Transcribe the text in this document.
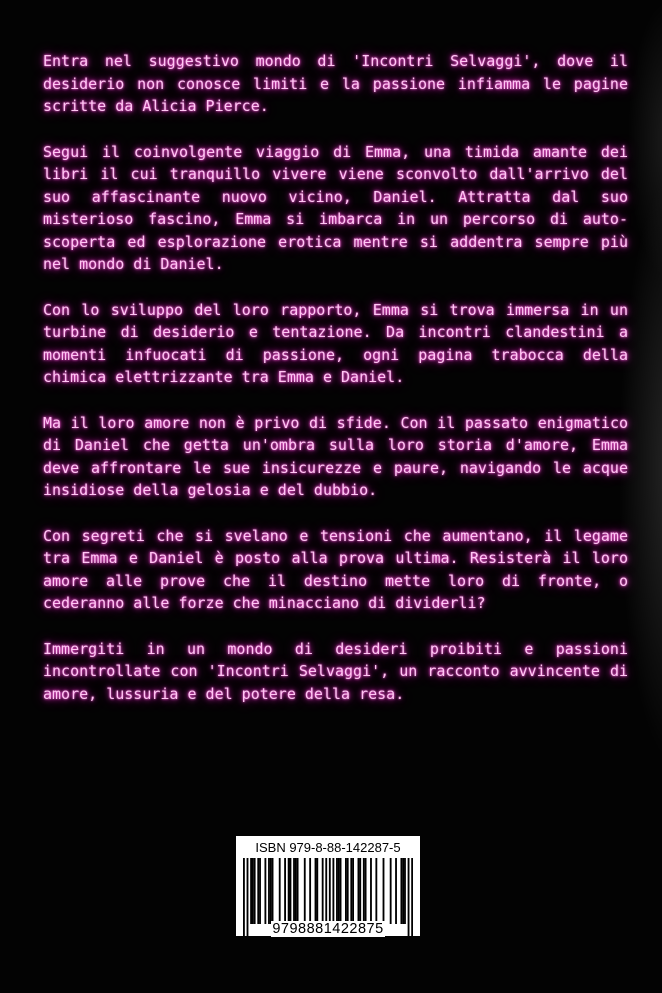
Entra nel suggestivo mondo di 'Incontri Selvaggi', dove il desiderio non conosce limiti e la passione infiamma le pagine scritte da Alicia Pierce.

Segui il coinvolgente viaggio di Emma, una timida amante dei libri il cui tranquillo vivere viene sconvolto dall'arrivo del suo affascinante nuovo vicino, Daniel. Attratta dal suo misterioso fascino, Emma si imbarca in un percorso di auto-scoperta ed esplorazione erotica mentre si addentra sempre più nel mondo di Daniel.

Con lo sviluppo del loro rapporto, Emma si trova immersa in un turbine di desiderio e tentazione. Da incontri clandestini a momenti infuocati di passione, ogni pagina trabocca della chimica elettrizzante tra Emma e Daniel.

Ma il loro amore non è privo di sfide. Con il passato enigmatico di Daniel che getta un'ombra sulla loro storia d'amore, Emma deve affrontare le sue insicurezze e paure, navigando le acque insidiose della gelosia e del dubbio.

Con segreti che si svelano e tensioni che aumentano, il legame tra Emma e Daniel è posto alla prova ultima. Resisterà il loro amore alle prove che il destino mette loro di fronte, o cederanno alle forze che minacciano di dividerli?

Immergiti in un mondo di desideri proibiti e passioni incontrollate con 'Incontri Selvaggi', un racconto avvincente di amore, lussuria e del potere della resa.

ISBN 979-8-88-142287-5
9798881422875
